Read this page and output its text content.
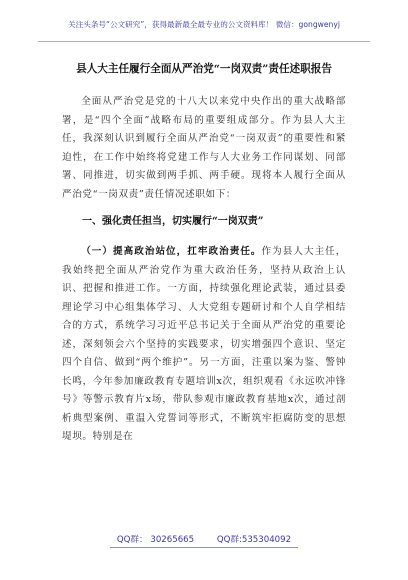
关注头条号“公文研究”，获得最新最全最专业的公文资料库！ 微信：gongwenyj
县人大主任履行全面从严治党“一岗双责”责任述职报告

全面从严治党是党的十八大以来党中央作出的重大战略部署，是“四个全面”战略布局的重要组成部分。作为县人大主任，我深刻认识到履行全面从严治党“一岗双责”的重要性和紧迫性，在工作中始终将党建工作与人大业务工作同谋划、同部署、同推进，切实做到两手抓、两手硬。现将本人履行全面从严治党“一岗双责”责任情况述职如下：

一、强化责任担当，切实履行“一岗双责”

（一）提高政治站位，扛牢政治责任。作为县人大主任，我始终把全面从严治党作为重大政治任务，坚持从政治上认识、把握和推进工作。一方面，持续强化理论武装，通过县委理论学习中心组集体学习、人大党组专题研讨和个人自学相结合的方式，系统学习习近平总书记关于全面从严治党的重要论述，深刻领会六个坚持的实践要求，切实增强四个意识、坚定四个自信、做到“两个维护”。另一方面，注重以案为鉴、警钟长鸣，今年参加廉政教育专题培训x次，组织观看《永远吹冲锋号》等警示教育片x场，带队参观市廉政教育基地x次，通过剖析典型案例、重温入党誓词等形式，不断筑牢拒腐防变的思想堤坝。特别是在

QQ群： 30265665	QQ群:535304092
